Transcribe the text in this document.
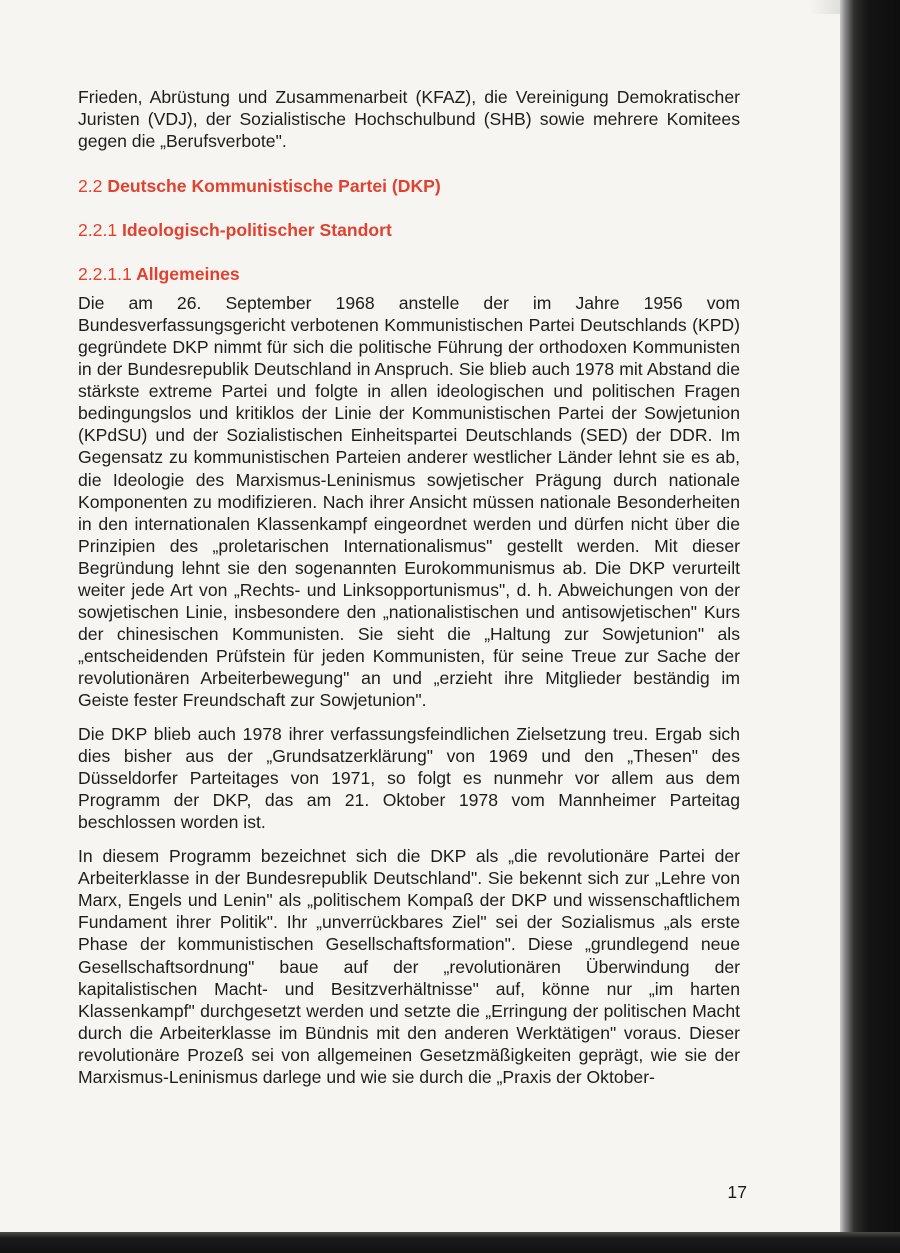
Frieden, Abrüstung und Zusammenarbeit (KFAZ), die Vereinigung Demokratischer Juristen (VDJ), der Sozialistische Hochschulbund (SHB) sowie mehrere Komitees gegen die „Berufsverbote".

2.2 Deutsche Kommunistische Partei (DKP)
2.2.1 Ideologisch-politischer Standort
2.2.1.1 Allgemeines

Die am 26. September 1968 anstelle der im Jahre 1956 vom Bundesverfassungsgericht verbotenen Kommunistischen Partei Deutschlands (KPD) gegründete DKP nimmt für sich die politische Führung der orthodoxen Kommunisten in der Bundesrepublik Deutschland in Anspruch. Sie blieb auch 1978 mit Abstand die stärkste extreme Partei und folgte in allen ideologischen und politischen Fragen bedingungslos und kritiklos der Linie der Kommunistischen Partei der Sowjetunion (KPdSU) und der Sozialistischen Einheitspartei Deutschlands (SED) der DDR. Im Gegensatz zu kommunistischen Parteien anderer westlicher Länder lehnt sie es ab, die Ideologie des Marxismus-Leninismus sowjetischer Prägung durch nationale Komponenten zu modifizieren. Nach ihrer Ansicht müssen nationale Besonderheiten in den internationalen Klassenkampf eingeordnet werden und dürfen nicht über die Prinzipien des „proletarischen Internationalismus" gestellt werden. Mit dieser Begründung lehnt sie den sogenannten Eurokommunismus ab. Die DKP verurteilt weiter jede Art von „Rechts- und Linksopportunismus", d. h. Abweichungen von der sowjetischen Linie, insbesondere den „nationalistischen und antisowjetischen" Kurs der chinesischen Kommunisten. Sie sieht die „Haltung zur Sowjetunion" als „entscheidenden Prüfstein für jeden Kommunisten, für seine Treue zur Sache der revolutionären Arbeiterbewegung" an und „erzieht ihre Mitglieder beständig im Geiste fester Freundschaft zur Sowjetunion".

Die DKP blieb auch 1978 ihrer verfassungsfeindlichen Zielsetzung treu. Ergab sich dies bisher aus der „Grundsatzerklärung" von 1969 und den „Thesen" des Düsseldorfer Parteitages von 1971, so folgt es nunmehr vor allem aus dem Programm der DKP, das am 21. Oktober 1978 vom Mannheimer Parteitag beschlossen worden ist.

In diesem Programm bezeichnet sich die DKP als „die revolutionäre Partei der Arbeiterklasse in der Bundesrepublik Deutschland". Sie bekennt sich zur „Lehre von Marx, Engels und Lenin" als „politischem Kompaß der DKP und wissenschaftlichem Fundament ihrer Politik". Ihr „unverrückbares Ziel" sei der Sozialismus „als erste Phase der kommunistischen Gesellschaftsformation". Diese „grundlegend neue Gesellschaftsordnung" baue auf der „revolutionären Überwindung der kapitalistischen Macht- und Besitzverhältnisse" auf, könne nur „im harten Klassenkampf" durchgesetzt werden und setzte die „Erringung der politischen Macht durch die Arbeiterklasse im Bündnis mit den anderen Werktätigen" voraus. Dieser revolutionäre Prozeß sei von allgemeinen Gesetzmäßigkeiten geprägt, wie sie der Marxismus-Leninismus darlege und wie sie durch die „Praxis der Oktober-

17
